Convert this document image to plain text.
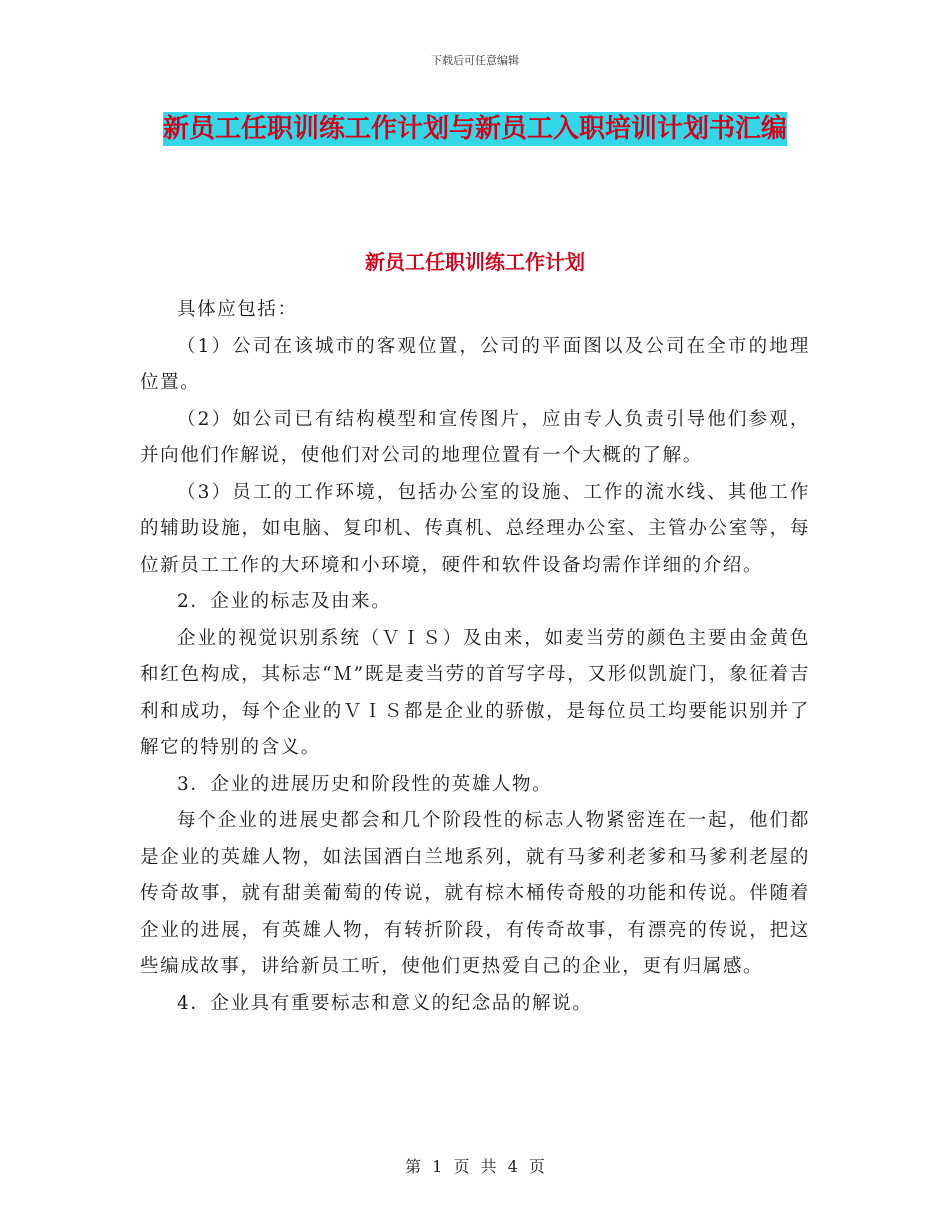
下载后可任意编辑
新员工任职训练工作计划与新员工入职培训计划书汇编
新员工任职训练工作计划

具体应包括：

（1）公司在该城市的客观位置，公司的平面图以及公司在全市的地理位置。

（2）如公司已有结构模型和宣传图片，应由专人负责引导他们参观，并向他们作解说，使他们对公司的地理位置有一个大概的了解。

（3）员工的工作环境，包括办公室的设施、工作的流水线、其他工作的辅助设施，如电脑、复印机、传真机、总经理办公室、主管办公室等，每位新员工工作的大环境和小环境，硬件和软件设备均需作详细的介绍。

2．企业的标志及由来。

企业的视觉识别系统（ＶＩＳ）及由来，如麦当劳的颜色主要由金黄色和红色构成，其标志“Ｍ”既是麦当劳的首写字母，又形似凯旋门，象征着吉利和成功，每个企业的ＶＩＳ都是企业的骄傲，是每位员工均要能识别并了解它的特别的含义。

3．企业的进展历史和阶段性的英雄人物。

每个企业的进展史都会和几个阶段性的标志人物紧密连在一起，他们都是企业的英雄人物，如法国酒白兰地系列，就有马爹利老爹和马爹利老屋的传奇故事，就有甜美葡萄的传说，就有棕木桶传奇般的功能和传说。伴随着企业的进展，有英雄人物，有转折阶段，有传奇故事，有漂亮的传说，把这些编成故事，讲给新员工听，使他们更热爱自己的企业，更有归属感。

4．企业具有重要标志和意义的纪念品的解说。

第 1 页 共 4 页
